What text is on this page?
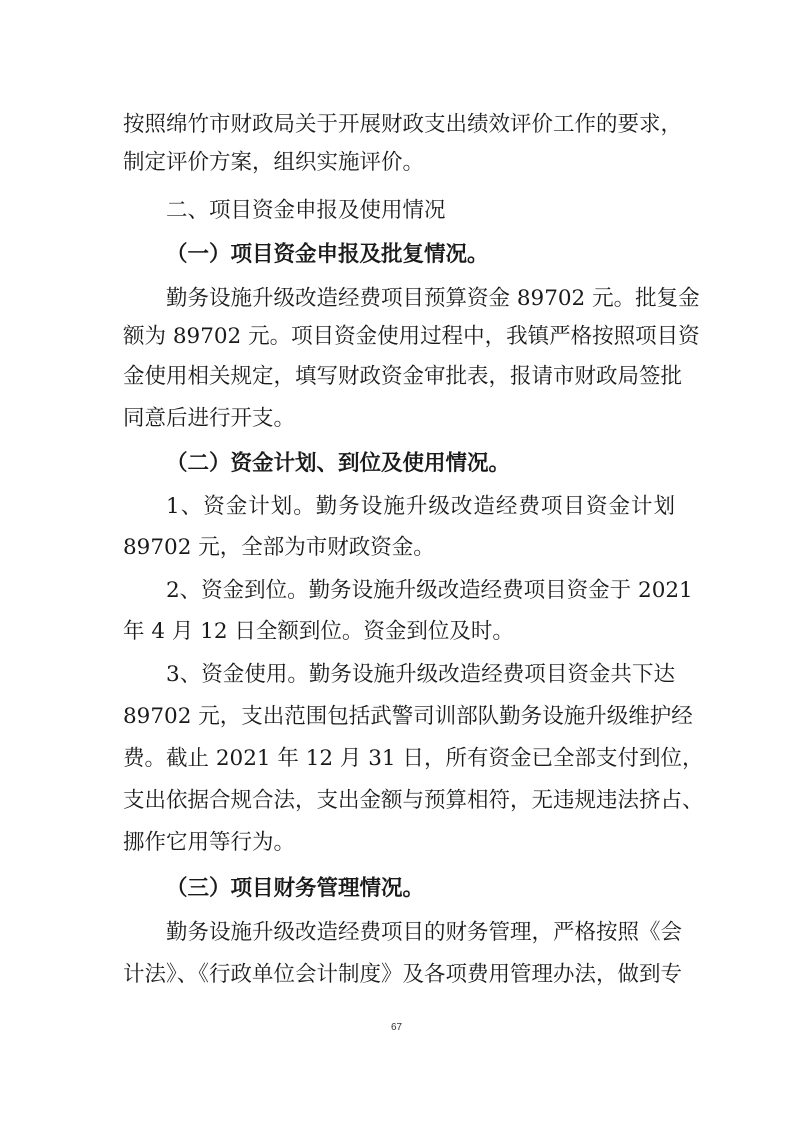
按照绵竹市财政局关于开展财政支出绩效评价工作的要求，
制定评价方案，组织实施评价。
二、项目资金申报及使用情况
（一）项目资金申报及批复情况。
勤务设施升级改造经费项目预算资金 89702 元。批复金
额为 89702 元。项目资金使用过程中，我镇严格按照项目资
金使用相关规定，填写财政资金审批表，报请市财政局签批
同意后进行开支。
（二）资金计划、到位及使用情况。
1、资金计划。勤务设施升级改造经费项目资金计划
89702 元，全部为市财政资金。
2、资金到位。勤务设施升级改造经费项目资金于 2021
年 4 月 12 日全额到位。资金到位及时。
3、资金使用。勤务设施升级改造经费项目资金共下达
89702 元，支出范围包括武警司训部队勤务设施升级维护经
费。截止 2021 年 12 月 31 日，所有资金已全部支付到位，
支出依据合规合法，支出金额与预算相符，无违规违法挤占、
挪作它用等行为。
（三）项目财务管理情况。
勤务设施升级改造经费项目的财务管理，严格按照《会
计法》、《行政单位会计制度》及各项费用管理办法，做到专
67
